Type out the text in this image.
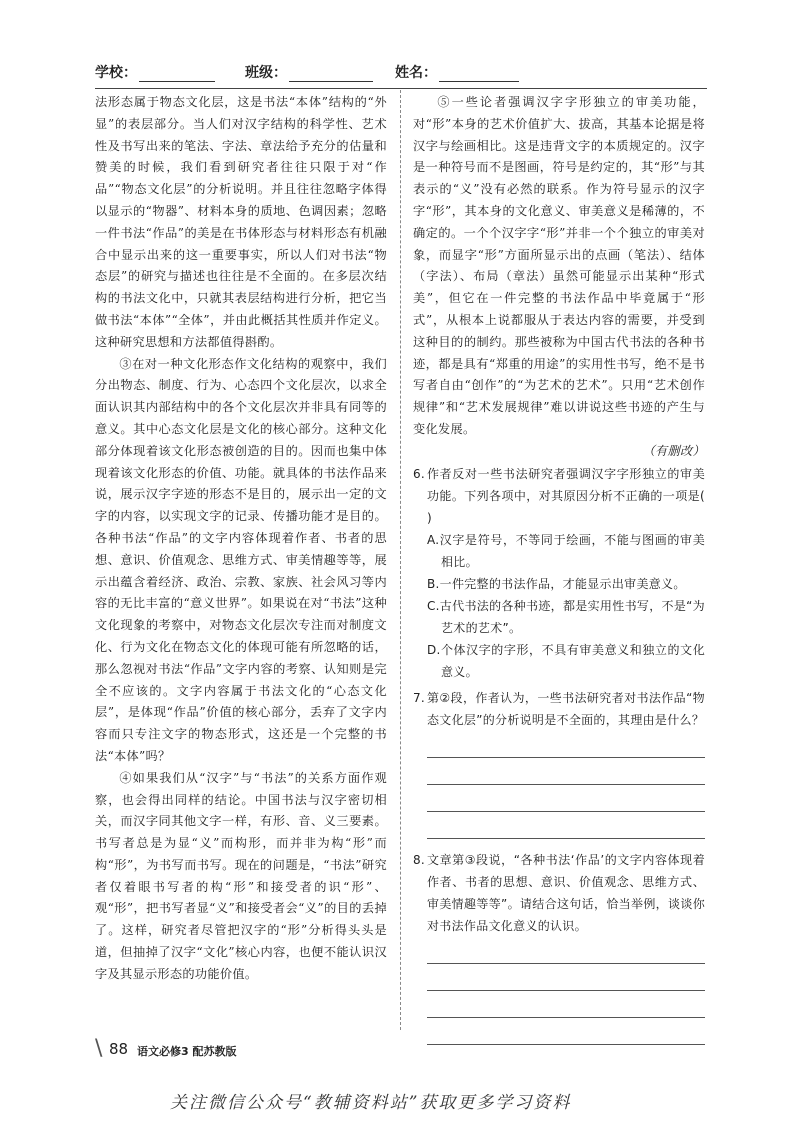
学校：	班级：	姓名：

法形态属于物态文化层，这是书法“本体”结构的“外显”的表层部分。当人们对汉字结构的科学性、艺术性及书写出来的笔法、字法、章法给予充分的估量和赞美的时候，我们看到研究者往往只限于对“作品”“物态文化层”的分析说明。并且往往忽略字体得以显示的“物器”、材料本身的质地、色调因素；忽略一件书法“作品”的美是在书体形态与材料形态有机融合中显示出来的这一重要事实，所以人们对书法“物态层”的研究与描述也往往是不全面的。在多层次结构的书法文化中，只就其表层结构进行分析，把它当做书法“本体”“全体”，并由此概括其性质并作定义。这种研究思想和方法都值得斟酌。

③在对一种文化形态作文化结构的观察中，我们分出物态、制度、行为、心态四个文化层次，以求全面认识其内部结构中的各个文化层次并非具有同等的意义。其中心态文化层是文化的核心部分。这种文化部分体现着该文化形态被创造的目的。因而也集中体现着该文化形态的价值、功能。就具体的书法作品来说，展示汉字字迹的形态不是目的，展示出一定的文字的内容，以实现文字的记录、传播功能才是目的。各种书法“作品”的文字内容体现着作者、书者的思想、意识、价值观念、思维方式、审美情趣等等，展示出蕴含着经济、政治、宗教、家族、社会风习等内容的无比丰富的“意义世界”。如果说在对“书法”这种文化现象的考察中，对物态文化层次专注而对制度文化、行为文化在物态文化的体现可能有所忽略的话，那么忽视对书法“作品”文字内容的考察、认知则是完全不应该的。文字内容属于书法文化的“心态文化层”，是体现“作品”价值的核心部分，丢弃了文字内容而只专注文字的物态形式，这还是一个完整的书法“本体”吗？

④如果我们从“汉字”与“书法”的关系方面作观察，也会得出同样的结论。中国书法与汉字密切相关，而汉字同其他文字一样，有形、音、义三要素。书写者总是为显“义”而构形，而并非为构“形”而构“形”，为书写而书写。现在的问题是，“书法”研究者仅着眼书写者的构“形”和接受者的识“形”、观“形”，把书写者显“义”和接受者会“义”的目的丢掉了。这样，研究者尽管把汉字的“形”分析得头头是道，但抽掉了汉字“文化”核心内容，也便不能认识汉字及其显示形态的功能价值。

⑤一些论者强调汉字字形独立的审美功能，对“形”本身的艺术价值扩大、拔高，其基本论据是将汉字与绘画相比。这是违背文字的本质规定的。汉字是一种符号而不是图画，符号是约定的，其“形”与其表示的“义”没有必然的联系。作为符号显示的汉字字“形”，其本身的文化意义、审美意义是稀薄的，不确定的。一个个汉字字“形”并非一个个独立的审美对象，而显字“形”方面所显示出的点画（笔法）、结体（字法）、布局（章法）虽然可能显示出某种“形式美”，但它在一件完整的书法作品中毕竟属于“形式”，从根本上说都服从于表达内容的需要，并受到这种目的的制约。那些被称为中国古代书法的各种书迹，都是具有“郑重的用途”的实用性书写，绝不是书写者自由“创作”的“为艺术的艺术”。只用“艺术创作规律”和“艺术发展规律”难以讲说这些书迹的产生与变化发展。

（有删改）

6. 作者反对一些书法研究者强调汉字字形独立的审美功能。下列各项中，对其原因分析不正确的一项是( )

A.汉字是符号，不等同于绘画，不能与图画的审美相比。

B.一件完整的书法作品，才能显示出审美意义。

C.古代书法的各种书迹，都是实用性书写，不是“为艺术的艺术”。

D.个体汉字的字形，不具有审美意义和独立的文化意义。

7. 第②段，作者认为，一些书法研究者对书法作品“物态文化层”的分析说明是不全面的，其理由是什么？

8. 文章第③段说，“各种书法‘作品’的文字内容体现着作者、书者的思想、意识、价值观念、思维方式、审美情趣等等”。请结合这句话，恰当举例，谈谈你对书法作品文化意义的认识。
\ 88 语文必修3 配苏教版
关注微信公众号“教辅资料站”获取更多学习资料
